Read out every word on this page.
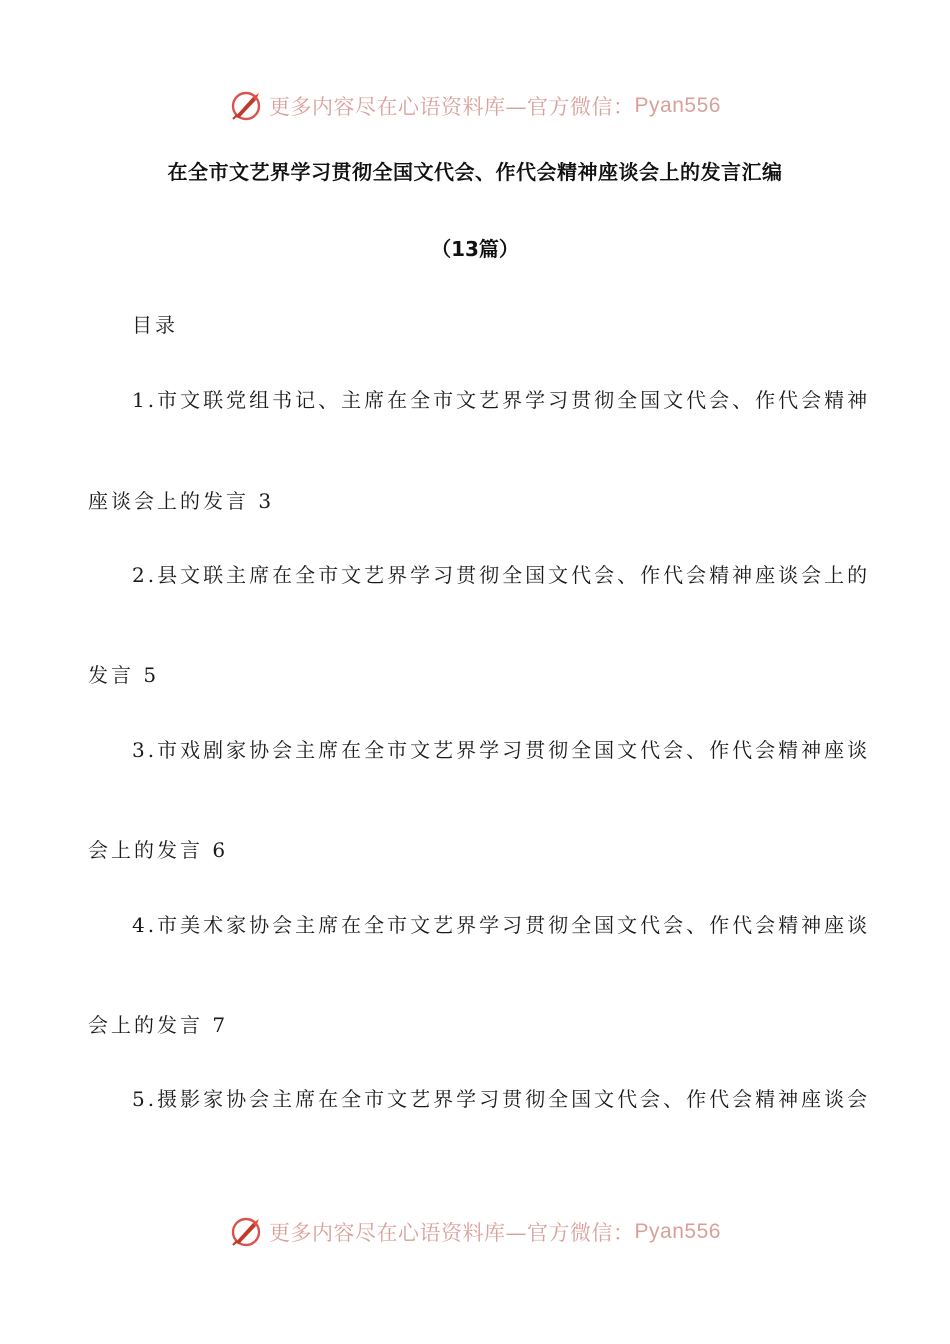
更多内容尽在心语资料库—官方微信： Pyan556
在全市文艺界学习贯彻全国文代会、作代会精神座谈会上的发言汇编
（13篇）
目录
1.市文联党组书记、主席在全市文艺界学习贯彻全国文代会、作代会精神
座谈会上的发言 3
2.县文联主席在全市文艺界学习贯彻全国文代会、作代会精神座谈会上的
发言 5
3.市戏剧家协会主席在全市文艺界学习贯彻全国文代会、作代会精神座谈
会上的发言 6
4.市美术家协会主席在全市文艺界学习贯彻全国文代会、作代会精神座谈
会上的发言 7
5.摄影家协会主席在全市文艺界学习贯彻全国文代会、作代会精神座谈会
更多内容尽在心语资料库—官方微信： Pyan556
